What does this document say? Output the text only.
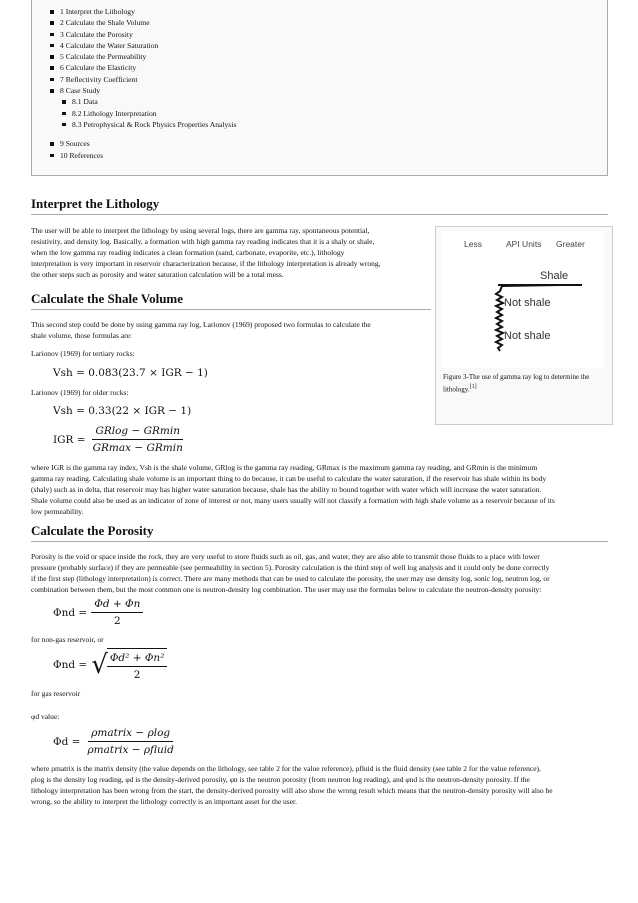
1 Interpret the Lithology
2 Calculate the Shale Volume
3 Calculate the Porosity
4 Calculate the Water Saturation
5 Calculate the Permeability
6 Calculate the Elasticity
7 Reflectivity Coefficient
8 Case Study
8.1 Data
8.2 Lithology Interpretation
8.3 Petrophysical & Rock Physics Properties Analysis
9 Sources
10 References
Interpret the Lithology
The user will be able to interpret the lithology by using several logs, there are gamma ray, spontaneous potential,
resistivity, and density log. Basically, a formation with high gamma ray reading indicates that it is a shaly or shale,
when the low gamma ray reading indicates a clean formation (sand, carbonate, evaporite, etc.), lithology
interpretation is very important in reservoir characterization because, if the lithology interpretation is already wrong,
the other steps such as porosity and water saturation calculation will be a total mess.
Less	API Units Greater
Shale
Not shale
Not shale
Figure 3-The use of gamma ray log to determine the lithology.[1]
Calculate the Shale Volume
This second step could be done by using gamma ray log, Larionov (1969) proposed two formulas to calculate the
shale volume, those formulas are:
Larionov (1969) for tertiary rocks:
Vsh = 0.083(23.7 × IGR − 1)
Larionov (1969) for older rocks:
Vsh = 0.33(22 × IGR − 1)
IGR = $\frac{GRlog - GRmin}{GRmax - GRmin}$
where IGR is the gamma ray index, Vsh is the shale volume, GRlog is the gamma ray reading, GRmax is the maximum gamma ray reading, and GRmin is the minimum
gamma ray reading. Calculating shale volume is an important thing to do because, it can be useful to calculate the water saturation, if the reservoir has shale within its body
(shaly) such as in delta, that reservoir may has higher water saturation because, shale has the ability to bound together with water which will increase the water saturation.
Shale volume could also be used as an indicator of zone of interest or not, many users usually will not classify a formation with high shale volume as a reservoir because of its
low permeability.
Calculate the Porosity
Porosity is the void or space inside the rock, they are very useful to store fluids such as oil, gas, and water, they are also able to transmit those fluids to a place with lower
pressure (probably surface) if they are permeable (see permeability in section 5). Porosity calculation is the third step of well log analysis and it could only be done correctly
if the first step (lithology interpretation) is correct. There are many methods that can be used to calculate the porosity, the user may use density log, sonic log, neutron log, or
combination between them, but the most common one is neutron-density log combination. The user may use the formulas below to calculate the neutron-density porosity:
$\Phi nd = \frac{\Phi d + \Phi n}{2}$
for non-gas reservoir, or
Φnd = √ $\frac{\text{Φd² + Φn²}}{2}$
for gas reservoir
φd value:
$\Phi d = \frac{\text{ρmatrix − ρlog}}{\text{ρmatrix − ρfluid}}$
where ρmatrix is the matrix density (the value depends on the lithology, see table 2 for the value reference), ρfluid is the fluid density (see table 2 for the value reference),
ρlog is the density log reading, φd is the density-derived porosity, φn is the neutron porosity (from neutron log reading), and φnd is the neutron-density porosity. If the
lithology interpretation has been wrong from the start, the density-derived porosity will also show the wrong result which means that the neutron-density porosity will also be
wrong, so the ability to interpret the lithology correctly is an important asset for the user.
